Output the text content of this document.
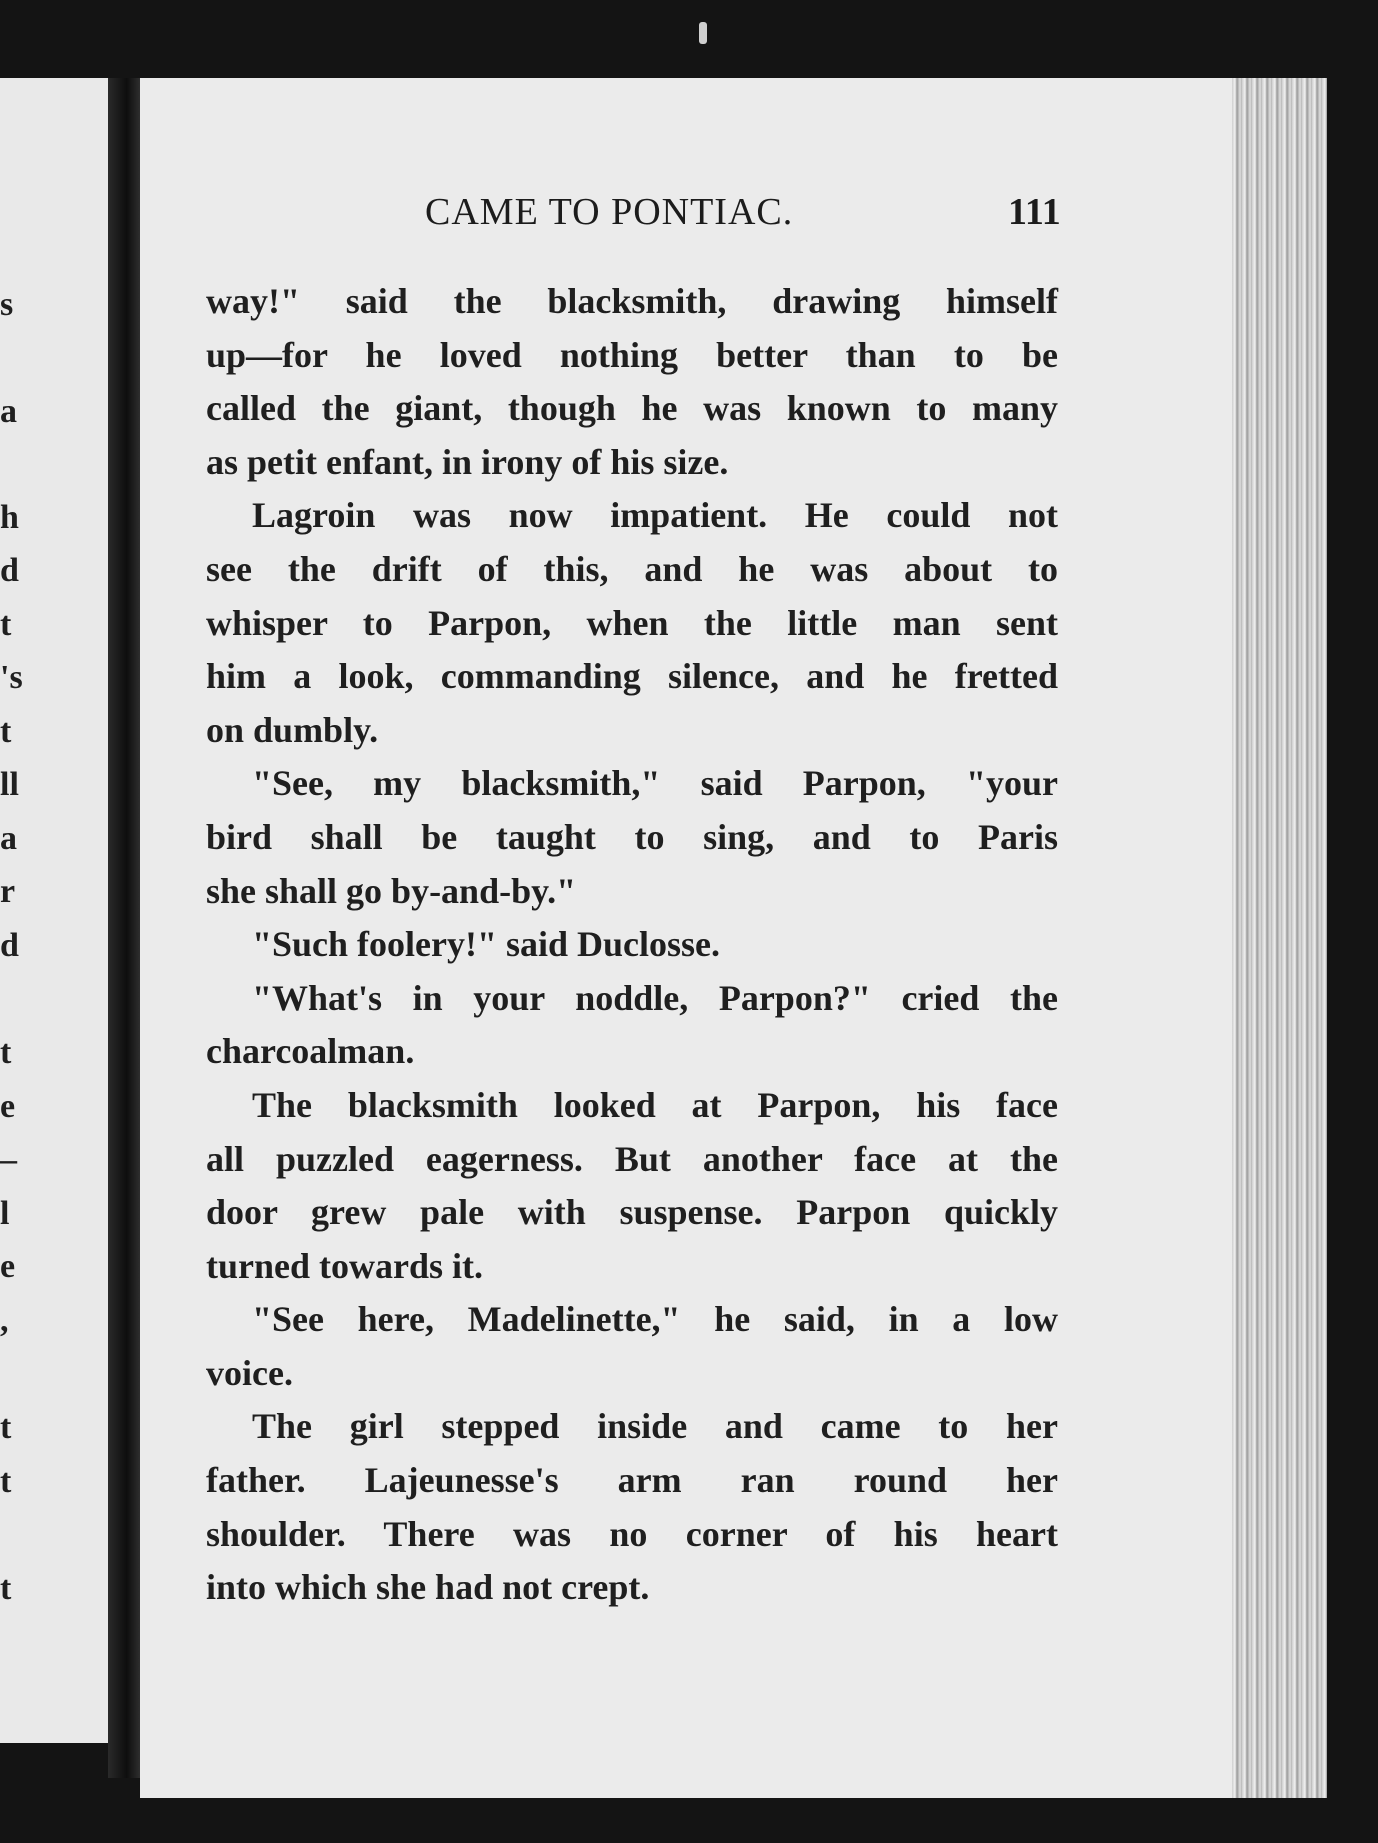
s
a
h
d
t
's
t
ll
a
r
d
t
e
–
l
e
,
t
t
t
CAME TO PONTIAC.	111
way!" said the blacksmith, drawing himself
up—for he loved nothing better than to be
called the giant, though he was known to many
as petit enfant, in irony of his size.
Lagroin was now impatient. He could not
see the drift of this, and he was about to
whisper to Parpon, when the little man sent
him a look, commanding silence, and he fretted
on dumbly.
"See, my blacksmith," said Parpon, "your
bird shall be taught to sing, and to Paris
she shall go by-and-by."
"Such foolery!" said Duclosse.
"What's in your noddle, Parpon?" cried the
charcoalman.
The blacksmith looked at Parpon, his face
all puzzled eagerness. But another face at the
door grew pale with suspense. Parpon quickly
turned towards it.
"See here, Madelinette," he said, in a low
voice.
The girl stepped inside and came to her
father. Lajeunesse's arm ran round her
shoulder. There was no corner of his heart
into which she had not crept.
